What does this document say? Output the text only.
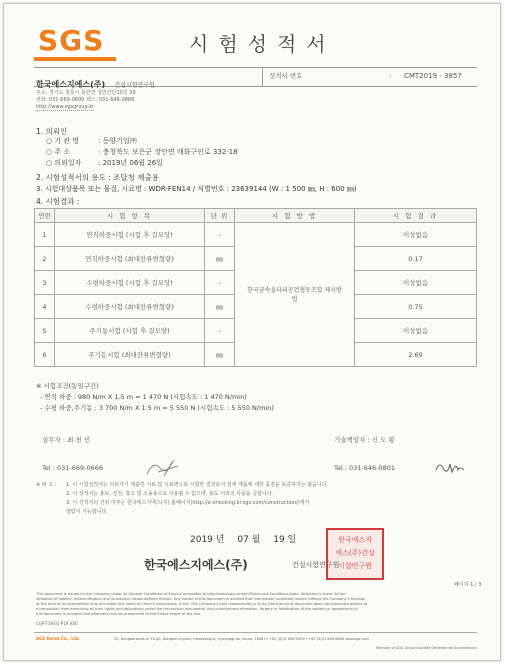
SGS	시험성적서
한국에스지에스(주) 건설시험연구원
성적서 번호	: CMT2019 - 3857
주소: 경기도 청룡시 동안면 청반산단10길 20
전화: 031-669-0600 팩스: 031-646-0888
http://www.sgsgroup.kr
1. 의뢰인
○ 기 관 명	: 동양기업㈜
○ 주 소	: 충청북도 보은군 장안면 매화구인로 332-18
○ 의뢰일자 : 2019년 06월 26일
2. 시험성적서의 용도 : 조달청 제출용
3. 시험대상품목 또는 물질, 시료명 : WDR-FEN14 / 식별번호 : 23639144 (W : 1 500 ㎜, H : 600 ㎜)
4. 시험결과 :
연번	시 험 항 목	단 위	시 험 방 법	시 험 결 과
1	연직하중시험 (시험 후 걸모양)	-	한국금속울타리공업협동조합 제시방법	이상없음
2	연직하중시험 (최대잔류변형량)	㎜		0.17
3	수평하중시험 (시험 후 걸모양)	-		이상없음
4	수평하중시험 (최대잔류변형량)	㎜		0.75
5	주기동시험 (시험 후 걸모양)	-		이상없음
6	주기동시험 (최대잔류변형량)	㎜		2.69
※ 시험조건(동일구간)
- 연직 하중 : 980 N/m X 1.5 m = 1 470 N (시험속도 : 1 470 N/min)
- 수평 하중,주기동 : 3 700 N/m X 1.5 m = 5 550 N (시험속도 : 5 550 N/min)
실무자 : 최 천 민
Tel : 031-669-0666
기술책임자 : 신 도 황
Tel : 031-646-0801
※ 비 고 : 1. 이 시험성적서는 의뢰자가 제출한 시료 및 시료명으로 시험한 결과로서 전체 제품에 대한 품질을 보증하지는 않습니다.
2. 이 성적서는 홍보, 선전, 광고 및 소송용으로 사용될 수 없으며, 용도 이외의 사용을 금합니다.
3. 이 성적서의 진위 여부는 한국에스지에스(주) 홈페이지(http://e-checking.kr.sgs.com/construction/)에서
열람이 가능합니다.
2019 년 07 월 19 일
한국에스지에스(주)	건설시험연구원
한국에스지
에스(주)건설
시험연구원
페이지 1 / 3
This document is issued by the Company under its General Conditions of Service accessible at http://www.sgs.com/en/Terms-and-Conditions.aspx. Attention is drawn to the
limitation of liability, indemnification and jurisdiction issues defined therein. Any holder of this document is advised that information contained hereon reflects the Company's findings
at the time of its intervention only and within the limits of Client's instructions, if any. The Company's sole responsibility is to its Client and this document does not exonerate parties to
a transaction from exercising all their rights and obligations under the transaction documents. Any unauthorized alteration, forgery or falsification of the content or appearance of
this document is unlawful and offenders may be prosecuted to the fullest extent of the law.
CGP-T18-01-P19 (00)
SGS Korea Co., Ltd.	20, Dongbanseok-ro 10-gil, Dongtan-myeon, Hwaseong-si, Gyeonggi-do, Korea, 18487 t +82 (0)31 669 0600 f +82 (0)31 646 0888 www.sgs.com
Member of SGS Group (Société Générale de Surveillance)
